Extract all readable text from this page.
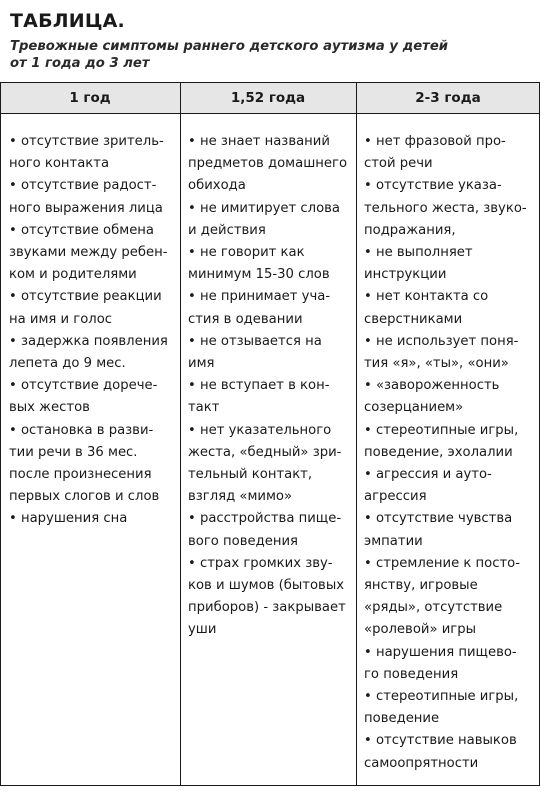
ТАБЛИЦА.
Тревожные симптомы раннего детского аутизма у детей
от 1 года до 3 лет
1 год	1,52 года	2-3 года
• отсутствие зритель-
ного контакта
• отсутствие радост-
ного выражения лица
• отсутствие обмена
звуками между ребен-
ком и родителями
• отсутствие реакции
на имя и голос
• задержка появления
лепета до 9 мес.
• отсутствие доречe-
вых жестов
• остановка в разви-
тии речи в 36 мес.
после произнесения
первых слогов и слов
• нарушения сна
• не знает названий
предметов домашнего
обихода
• не имитирует слова
и действия
• не говорит как
минимум 15-30 слов
• не принимает уча-
стия в одевании
• не отзывается на
имя
• не вступает в кон-
такт
• нет указательного
жеста, «бедный» зри-
тельный контакт,
взгляд «мимо»
• расстройства пище-
вого поведения
• страх громких зву-
ков и шумов (бытовых
приборов) - закрывает
уши
• нет фразовой про-
стой речи
• отсутствие указа-
тельного жеста, звуко-
подражания,
• не выполняет
инструкции
• нет контакта со
сверстниками
• не использует поня-
тия «я», «ты», «они»
• «завороженность
созерцанием»
• стереотипные игры,
поведение, эхолалии
• агрессия и ауто-
агрессия
• отсутствие чувства
эмпатии
• стремление к посто-
янству, игровые
«ряды», отсутствие
«ролевой» игры
• нарушения пищево-
го поведения
• стереотипные игры,
поведение
• отсутствие навыков
самоопрятности
